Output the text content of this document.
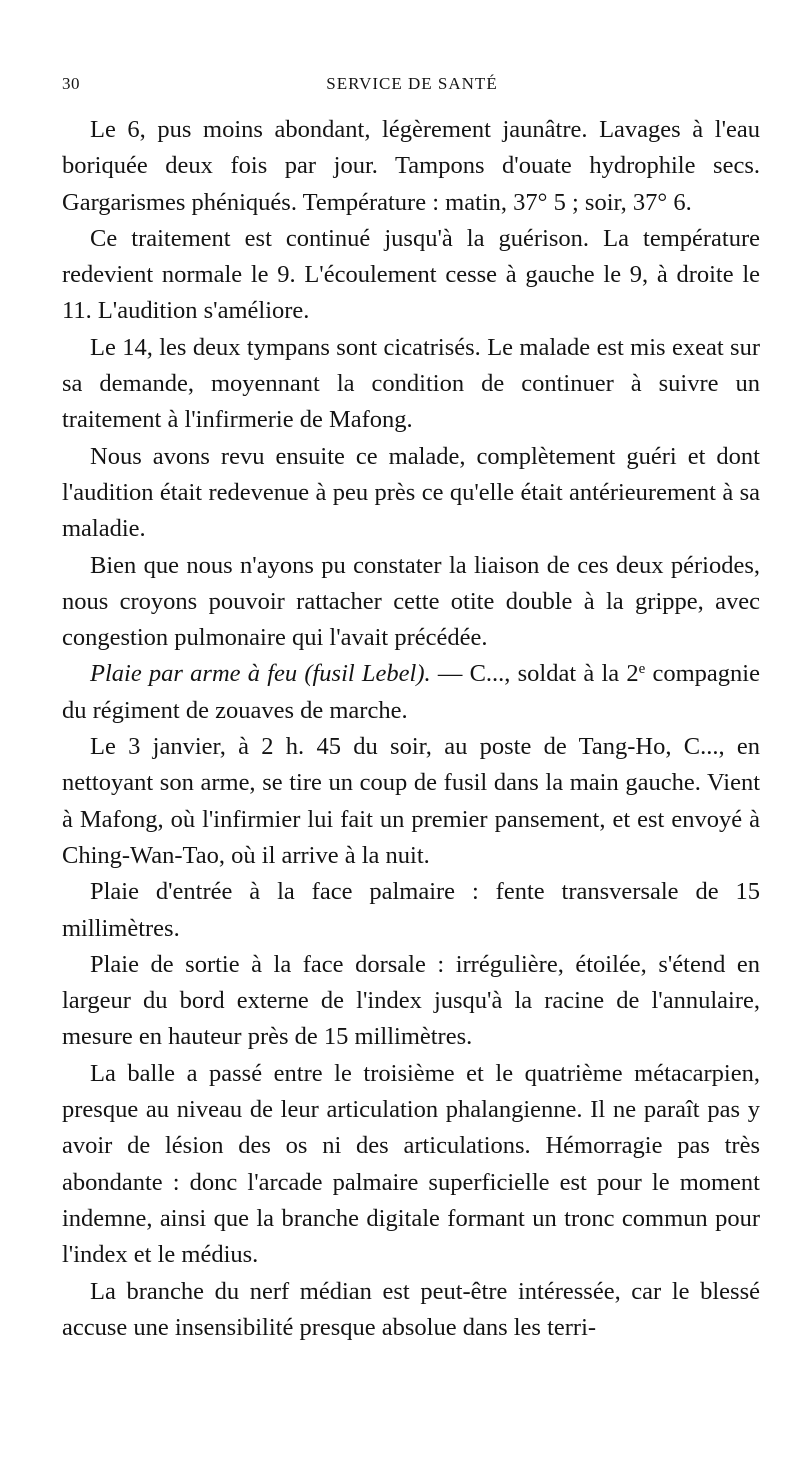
30	SERVICE DE SANTÉ

Le 6, pus moins abondant, légèrement jaunâtre. Lavages à l'eau boriquée deux fois par jour. Tampons d'ouate hydrophile secs. Gargarismes phéniqués. Température : matin, 37° 5 ; soir, 37° 6.

Ce traitement est continué jusqu'à la guérison. La température redevient normale le 9. L'écoulement cesse à gauche le 9, à droite le 11. L'audition s'améliore.

Le 14, les deux tympans sont cicatrisés. Le malade est mis exeat sur sa demande, moyennant la condition de continuer à suivre un traitement à l'infirmerie de Mafong.

Nous avons revu ensuite ce malade, complètement guéri et dont l'audition était redevenue à peu près ce qu'elle était antérieurement à sa maladie.

Bien que nous n'ayons pu constater la liaison de ces deux périodes, nous croyons pouvoir rattacher cette otite double à la grippe, avec congestion pulmonaire qui l'avait précédée.

Plaie par arme à feu (fusil Lebel). — C..., soldat à la 2e compagnie du régiment de zouaves de marche.

Le 3 janvier, à 2 h. 45 du soir, au poste de Tang-Ho, C..., en nettoyant son arme, se tire un coup de fusil dans la main gauche. Vient à Mafong, où l'infirmier lui fait un premier pansement, et est envoyé à Ching-Wan-Tao, où il arrive à la nuit.

Plaie d'entrée à la face palmaire : fente transversale de 15 millimètres.

Plaie de sortie à la face dorsale : irrégulière, étoilée, s'étend en largeur du bord externe de l'index jusqu'à la racine de l'annulaire, mesure en hauteur près de 15 millimètres.

La balle a passé entre le troisième et le quatrième métacarpien, presque au niveau de leur articulation phalangienne. Il ne paraît pas y avoir de lésion des os ni des articulations. Hémorragie pas très abondante : donc l'arcade palmaire superficielle est pour le moment indemne, ainsi que la branche digitale formant un tronc commun pour l'index et le médius.

La branche du nerf médian est peut-être intéressée, car le blessé accuse une insensibilité presque absolue dans les terri-
